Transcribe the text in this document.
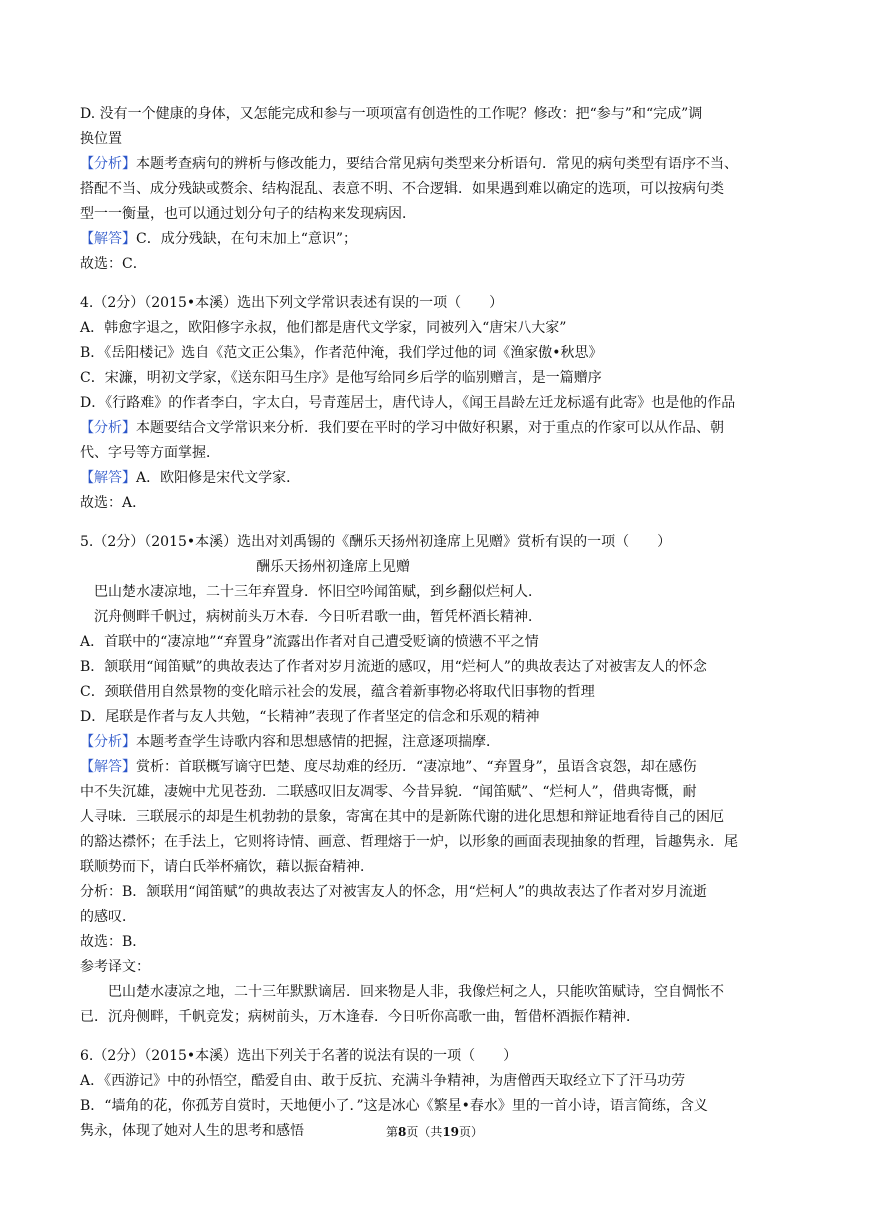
D. 没有一个健康的身体，又怎能完成和参与一项项富有创造性的工作呢？修改：把“参与”和“完成”调
换位置
【分析】本题考查病句的辨析与修改能力，要结合常见病句类型来分析语句．常见的病句类型有语序不当、
搭配不当、成分残缺或赘余、结构混乱、表意不明、不合逻辑．如果遇到难以确定的选项，可以按病句类
型一一衡量，也可以通过划分句子的结构来发现病因．
【解答】C．成分残缺，在句末加上“意识”；
故选：C．
4.（2分）（2015•本溪）选出下列文学常识表述有误的一项（　　）
A．韩愈字退之，欧阳修字永叔，他们都是唐代文学家，同被列入“唐宋八大家”
B．《岳阳楼记》选自《范文正公集》，作者范仲淹，我们学过他的词《渔家傲•秋思》
C．宋濂，明初文学家，《送东阳马生序》是他写给同乡后学的临别赠言，是一篇赠序
D．《行路难》的作者李白，字太白，号青莲居士，唐代诗人，《闻王昌龄左迁龙标遥有此寄》也是他的作品
【分析】本题要结合文学常识来分析．我们要在平时的学习中做好积累，对于重点的作家可以从作品、朝
代、字号等方面掌握．
【解答】A．欧阳修是宋代文学家．
故选：A．
5.（2分）（2015•本溪）选出对刘禹锡的《酬乐天扬州初逢席上见赠》赏析有误的一项（　　）
酬乐天扬州初逢席上见赠
巴山楚水凄凉地，二十三年弃置身．怀旧空吟闻笛赋，到乡翻似烂柯人．
沉舟侧畔千帆过，病树前头万木春．今日听君歌一曲，暂凭杯酒长精神．
A．首联中的“凄凉地”“弃置身”流露出作者对自己遭受贬谪的愤懑不平之情
B．颔联用“闻笛赋”的典故表达了作者对岁月流逝的感叹，用“烂柯人”的典故表达了对被害友人的怀念
C．颈联借用自然景物的变化暗示社会的发展，蕴含着新事物必将取代旧事物的哲理
D．尾联是作者与友人共勉，“长精神”表现了作者坚定的信念和乐观的精神
【分析】本题考查学生诗歌内容和思想感情的把握，注意逐项揣摩．
【解答】赏析：首联概写谪守巴楚、度尽劫难的经历．“凄凉地”、“弃置身”，虽语含哀怨，却在感伤
中不失沉雄，凄婉中尤见苍劲．二联感叹旧友凋零、今昔异貌．“闻笛赋”、“烂柯人”，借典寄慨，耐
人寻味．三联展示的却是生机勃勃的景象，寄寓在其中的是新陈代谢的进化思想和辩证地看待自己的困厄
的豁达襟怀；在手法上，它则将诗情、画意、哲理熔于一炉，以形象的画面表现抽象的哲理，旨趣隽永．尾
联顺势而下，请白氏举杯痛饮，藉以振奋精神．
分析：B．颔联用“闻笛赋”的典故表达了对被害友人的怀念，用“烂柯人”的典故表达了作者对岁月流逝
的感叹．
故选：B．
参考译文：
巴山楚水凄凉之地，二十三年默默谪居．回来物是人非，我像烂柯之人，只能吹笛赋诗，空自惆怅不
已．沉舟侧畔，千帆竞发；病树前头，万木逢春．今日听你高歌一曲，暂借杯酒振作精神．
6.（2分）（2015•本溪）选出下列关于名著的说法有误的一项（　　）
A．《西游记》中的孙悟空，酷爱自由、敢于反抗、充满斗争精神，为唐僧西天取经立下了汗马功劳
B．“墙角的花，你孤芳自赏时，天地便小了．”这是冰心《繁星•春水》里的一首小诗，语言简练，含义
隽永，体现了她对人生的思考和感悟	第8页（共19页）
